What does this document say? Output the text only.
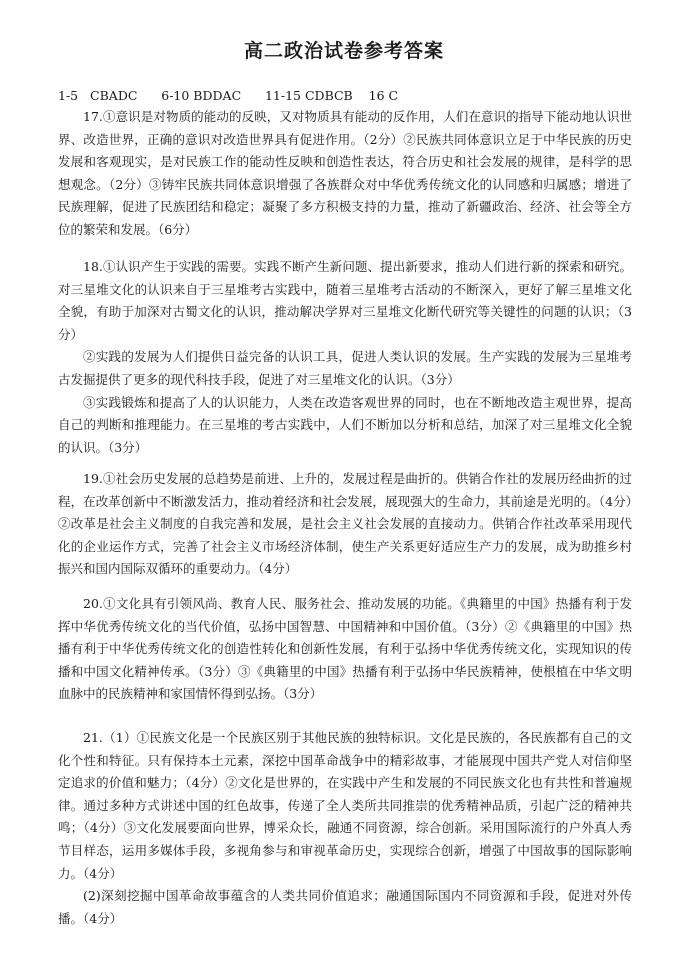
高二政治试卷参考答案
1-5   CBADC      6-10 BDDAC      11-15 CDBCB    16 C

17.①意识是对物质的能动的反映，又对物质具有能动的反作用，人们在意识的指导下能动地认识世界、改造世界，正确的意识对改造世界具有促进作用。（2分）②民族共同体意识立足于中华民族的历史发展和客观现实，是对民族工作的能动性反映和创造性表达，符合历史和社会发展的规律，是科学的思想观念。（2分）③铸牢民族共同体意识增强了各族群众对中华优秀传统文化的认同感和归属感；增进了民族理解，促进了民族团结和稳定；凝聚了多方积极支持的力量，推动了新疆政治、经济、社会等全方位的繁荣和发展。（6分）

18.①认识产生于实践的需要。实践不断产生新问题、提出新要求，推动人们进行新的探索和研究。对三星堆文化的认识来自于三星堆考古实践中，随着三星堆考古活动的不断深入，更好了解三星堆文化全貌，有助于加深对古蜀文化的认识，推动解决学界对三星堆文化断代研究等关键性的问题的认识；（3分）

②实践的发展为人们提供日益完备的认识工具，促进人类认识的发展。生产实践的发展为三星堆考古发掘提供了更多的现代科技手段，促进了对三星堆文化的认识。（3分）

③实践锻炼和提高了人的认识能力，人类在改造客观世界的同时，也在不断地改造主观世界，提高自己的判断和推理能力。在三星堆的考古实践中，人们不断加以分析和总结，加深了对三星堆文化全貌的认识。（3分）

19.①社会历史发展的总趋势是前进、上升的，发展过程是曲折的。供销合作社的发展历经曲折的过程，在改革创新中不断激发活力，推动着经济和社会发展，展现强大的生命力，其前途是光明的。（4分）②改革是社会主义制度的自我完善和发展，是社会主义社会发展的直接动力。供销合作社改革采用现代化的企业运作方式，完善了社会主义市场经济体制，使生产关系更好适应生产力的发展，成为助推乡村振兴和国内国际双循环的重要动力。（4分）

20.①文化具有引领风尚、教育人民、服务社会、推动发展的功能。《典籍里的中国》热播有利于发挥中华优秀传统文化的当代价值，弘扬中国智慧、中国精神和中国价值。（3分）②《典籍里的中国》热播有利于中华优秀传统文化的创造性转化和创新性发展，有利于弘扬中华优秀传统文化，实现知识的传播和中国文化精神传承。（3分）③《典籍里的中国》热播有利于弘扬中华民族精神，使根植在中华文明血脉中的民族精神和家国情怀得到弘扬。（3分）

21.（1）①民族文化是一个民族区别于其他民族的独特标识。文化是民族的，各民族都有自己的文化个性和特征。只有保持本土元素，深挖中国革命战争中的精彩故事，才能展现中国共产党人对信仰坚定追求的价值和魅力；（4分）②文化是世界的，在实践中产生和发展的不同民族文化也有共性和普遍规律。通过多种方式讲述中国的红色故事，传递了全人类所共同推崇的优秀精神品质，引起广泛的精神共鸣；（4分）③文化发展要面向世界，博采众长，融通不同资源，综合创新。采用国际流行的户外真人秀节目样态，运用多媒体手段，多视角参与和审视革命历史，实现综合创新，增强了中国故事的国际影响力。（4分）

(2)深刻挖掘中国革命故事蕴含的人类共同价值追求；融通国际国内不同资源和手段，促进对外传播。（4分）
